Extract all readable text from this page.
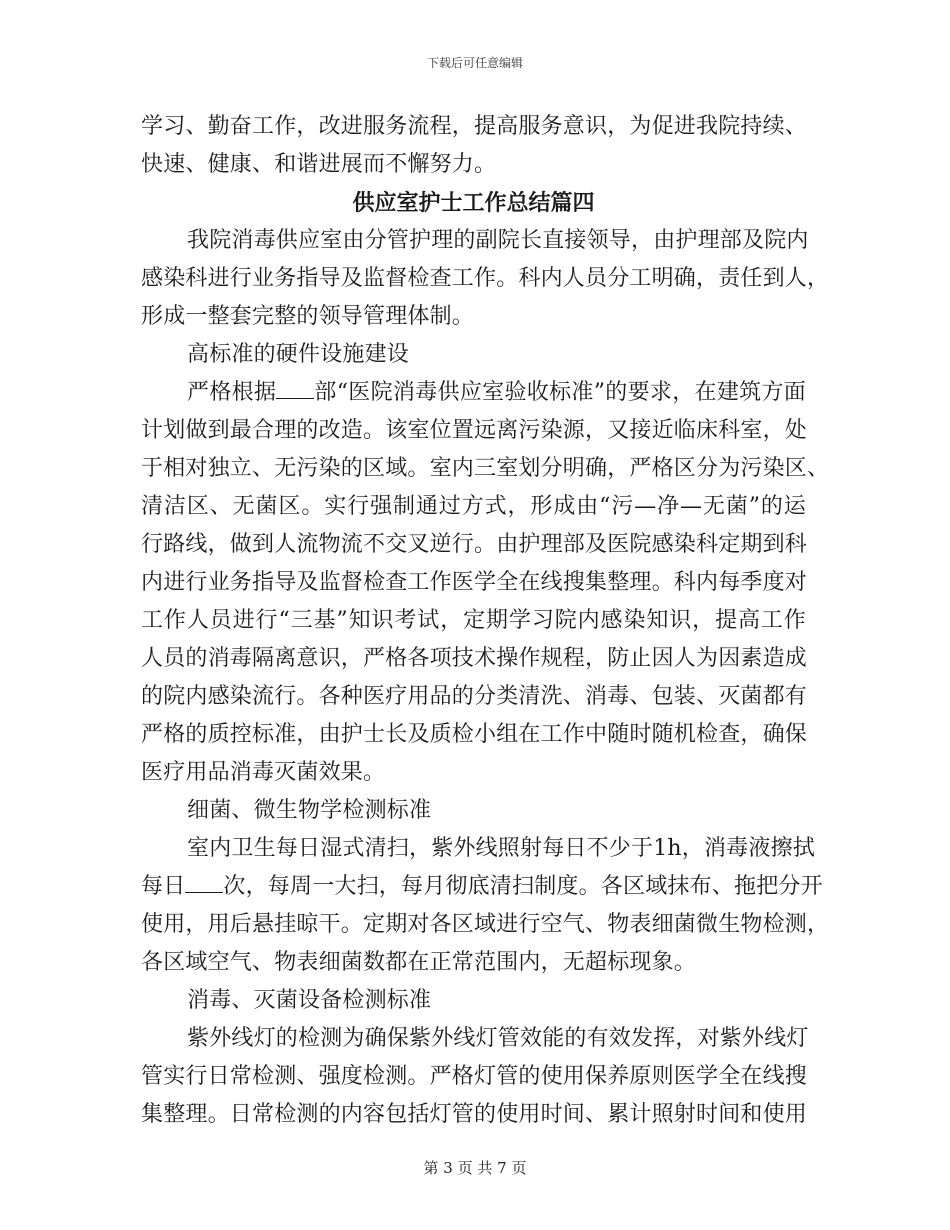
下载后可任意编辑
学习、勤奋工作，改进服务流程，提高服务意识，为促进我院持续、
快速、健康、和谐进展而不懈努力。
供应室护士工作总结篇四
我院消毒供应室由分管护理的副院长直接领导，由护理部及院内
感染科进行业务指导及监督检查工作。科内人员分工明确，责任到人，
形成一整套完整的领导管理体制。
高标准的硬件设施建设
严格根据 部“医院消毒供应室验收标准”的要求，在建筑方面
计划做到最合理的改造。该室位置远离污染源，又接近临床科室，处
于相对独立、无污染的区域。室内三室划分明确，严格区分为污染区、
清洁区、无菌区。实行强制通过方式，形成由“污—净—无菌”的运
行路线，做到人流物流不交叉逆行。由护理部及医院感染科定期到科
内进行业务指导及监督检查工作医学全在线搜集整理。科内每季度对
工作人员进行“三基”知识考试，定期学习院内感染知识，提高工作
人员的消毒隔离意识，严格各项技术操作规程，防止因人为因素造成
的院内感染流行。各种医疗用品的分类清洗、消毒、包装、灭菌都有
严格的质控标准，由护士长及质检小组在工作中随时随机检查，确保
医疗用品消毒灭菌效果。
细菌、微生物学检测标准
室内卫生每日湿式清扫，紫外线照射每日不少于1h，消毒液擦拭
每日 次，每周一大扫，每月彻底清扫制度。各区域抹布、拖把分开
使用，用后悬挂晾干。定期对各区域进行空气、物表细菌微生物检测，
各区域空气、物表细菌数都在正常范围内，无超标现象。
消毒、灭菌设备检测标准
紫外线灯的检测为确保紫外线灯管效能的有效发挥，对紫外线灯
管实行日常检测、强度检测。严格灯管的使用保养原则医学全在线搜
集整理。日常检测的内容包括灯管的使用时间、累计照射时间和使用
第 3 页 共 7 页
